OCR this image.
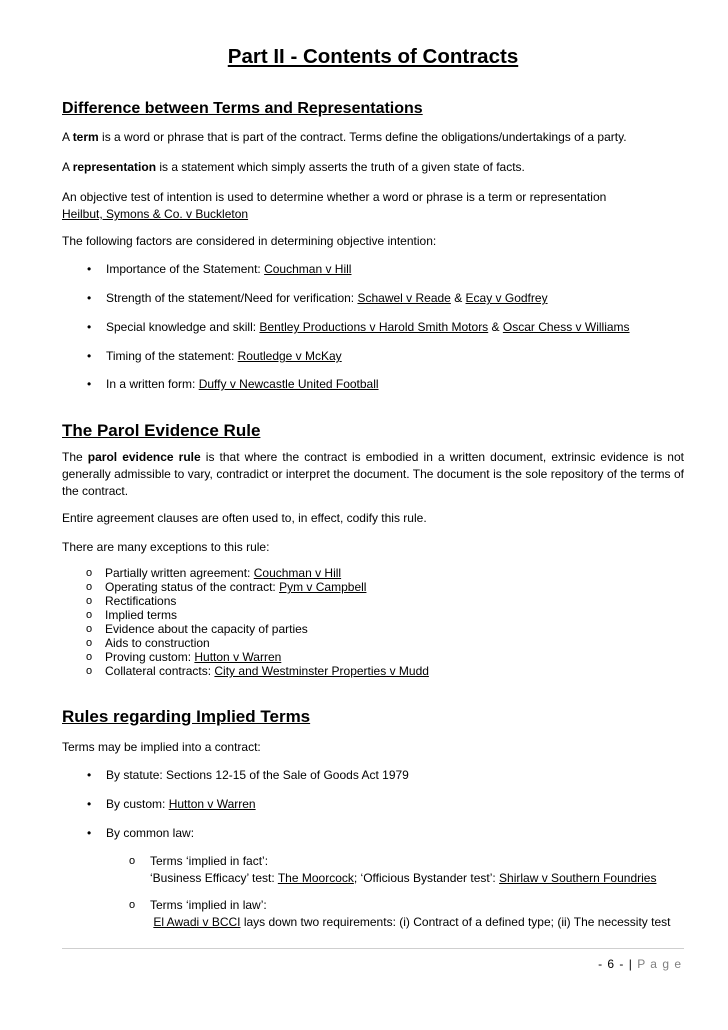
Part II - Contents of Contracts
Difference between Terms and Representations
A term is a word or phrase that is part of the contract. Terms define the obligations/undertakings of a party.
A representation is a statement which simply asserts the truth of a given state of facts.
An objective test of intention is used to determine whether a word or phrase is a term or representation
Heilbut, Symons & Co. v Buckleton
The following factors are considered in determining objective intention:
Importance of the Statement: Couchman v Hill
Strength of the statement/Need for verification: Schawel v Reade & Ecay v Godfrey
Special knowledge and skill: Bentley Productions v Harold Smith Motors & Oscar Chess v Williams
Timing of the statement: Routledge v McKay
In a written form: Duffy v Newcastle United Football
The Parol Evidence Rule
The parol evidence rule is that where the contract is embodied in a written document, extrinsic evidence is not generally admissible to vary, contradict or interpret the document. The document is the sole repository of the terms of the contract.
Entire agreement clauses are often used to, in effect, codify this rule.
There are many exceptions to this rule:
o Partially written agreement: Couchman v Hill
o Operating status of the contract: Pym v Campbell
o Rectifications
o Implied terms
o Evidence about the capacity of parties
o Aids to construction
o Proving custom: Hutton v Warren
o Collateral contracts: City and Westminster Properties v Mudd
Rules regarding Implied Terms
Terms may be implied into a contract:
By statute: Sections 12-15 of the Sale of Goods Act 1979
By custom: Hutton v Warren
By common law:
o Terms ‘implied in fact’:
‘Business Efficacy’ test: The Moorcock; ‘Officious Bystander test’: Shirlaw v Southern Foundries
o Terms ‘implied in law’:
El Awadi v BCCI lays down two requirements: (i) Contract of a defined type; (ii) The necessity test
- 6 - | P a g e
